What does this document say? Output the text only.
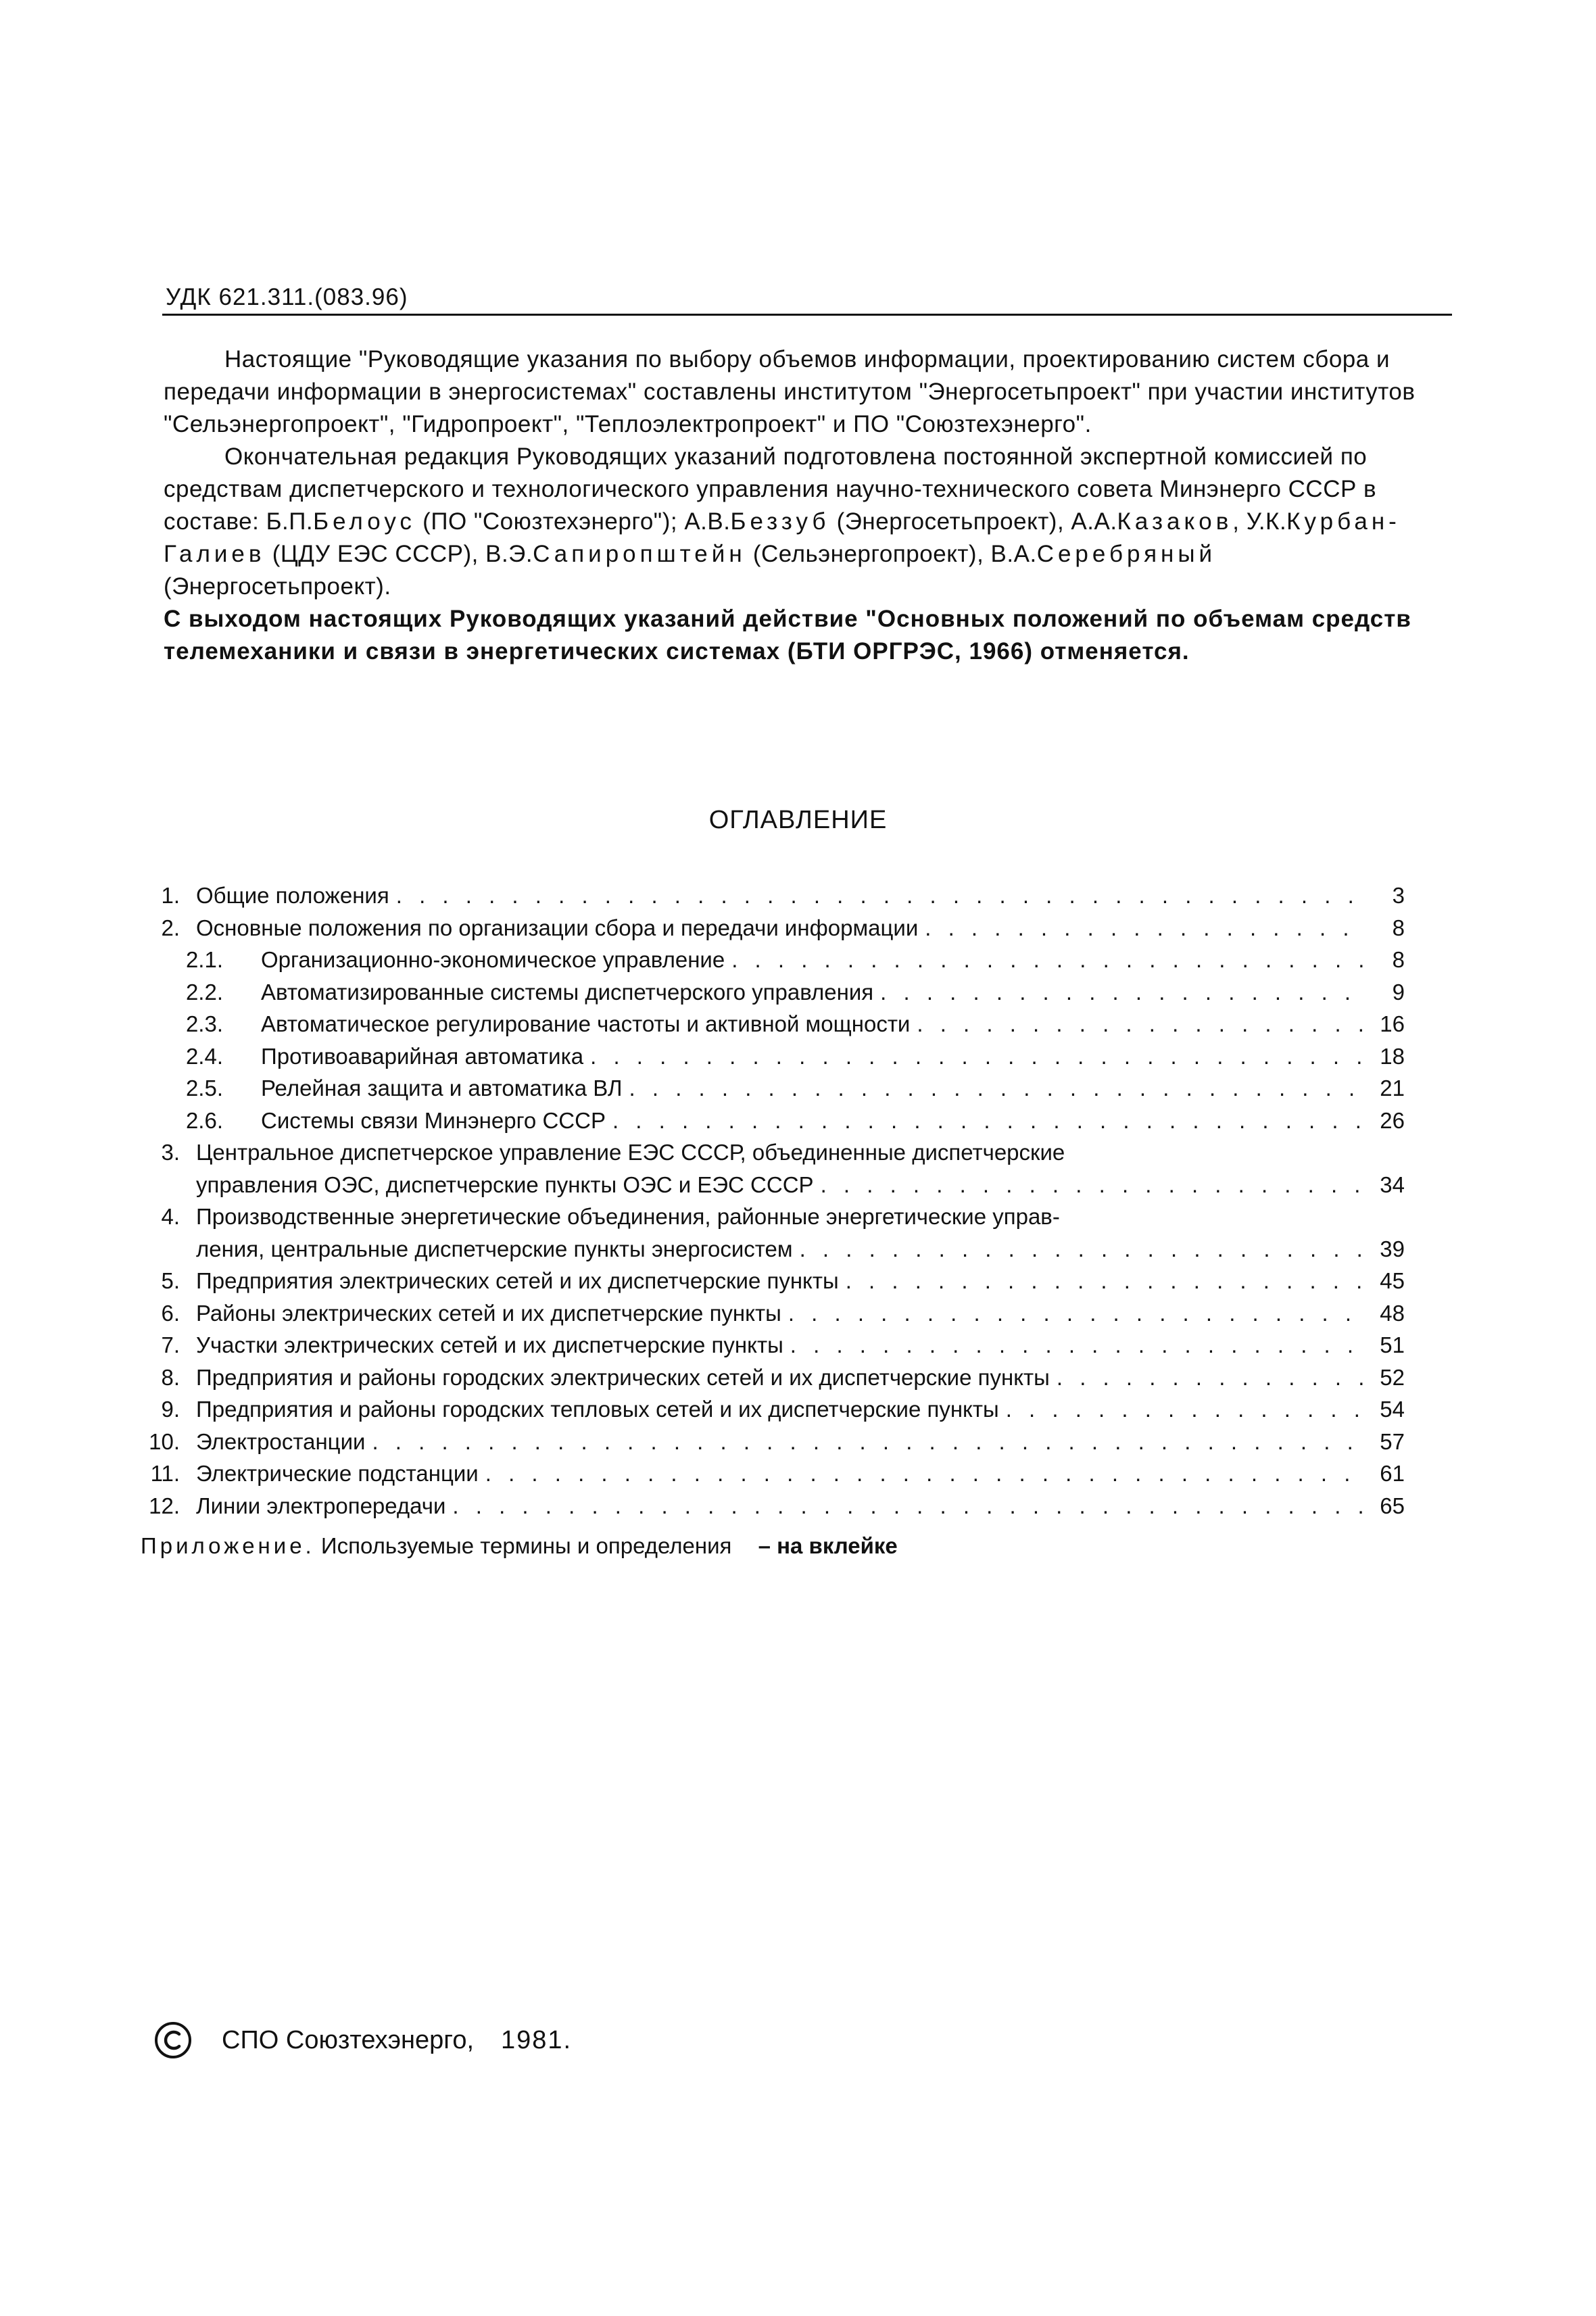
УДК 621.311.(083.96)

Настоящие "Руководящие указания по выбору объемов информации, проектированию систем сбора и передачи информации в энергосистемах" составлены институтом "Энергосетьпроект" при участии институтов "Сельэнергопроект", "Гидропроект", "Теплоэлектропроект" и ПО "Союзтехэнерго".

Окончательная редакция Руководящих указаний подготовлена постоянной экспертной комиссией по средствам диспетчерского и технологического управления научно-технического совета Минэнерго СССР в составе: Б.П.Белоус (ПО "Союзтехэнерго"); А.В.Беззуб (Энергосетьпроект), А.А.Казаков, У.К.Курбан-Галиев (ЦДУ ЕЭС СССР), В.Э.Сапиропштейн (Сельэнергопроект), В.А.Серебряный (Энергосетьпроект).

С выходом настоящих Руководящих указаний действие "Основных положений по объемам средств телемеханики и связи в энергетических системах (БТИ ОРГРЭС, 1966) отменяется.

ОГЛАВЛЕНИЕ
1. Общие положения . . .	3
2. Основные положения по организации сбора и передачи информации . . .	8
2.1. Организационно-экономическое управление . . .	8
2.2. Автоматизированные системы диспетчерского управления . . .	9
2.3. Автоматическое регулирование частоты и активной мощности . . .	16
2.4. Противоаварийная автоматика . . .	18
2.5. Релейная защита и автоматика ВЛ . . .	21
2.6. Системы связи Минэнерго СССР . . .	26
3. Центральное диспетчерское управление ЕЭС СССР, объединенные диспетчерские
управления ОЭС, диспетчерские пункты ОЭС и ЕЭС СССР . . .	34
4. Производственные энергетические объединения, районные энергетические управ-
ления, центральные диспетчерские пункты энергосистем . . .	39
5. Предприятия электрических сетей и их диспетчерские пункты . . .	45
6. Районы электрических сетей и их диспетчерские пункты . . .	48
7. Участки электрических сетей и их диспетчерские пункты . . .	51
8. Предприятия и районы городских электрических сетей и их диспетчерские пункты . . .	52
9. Предприятия и районы городских тепловых сетей и их диспетчерские пункты . . .	54
10. Электростанции . . .	57
11. Электрические подстанции . . .	61
12. Линии электропередачи . . .	65
Приложение. Используемые термины и определения – на вклейке
СПО Союзтехэнерго, 1981.
